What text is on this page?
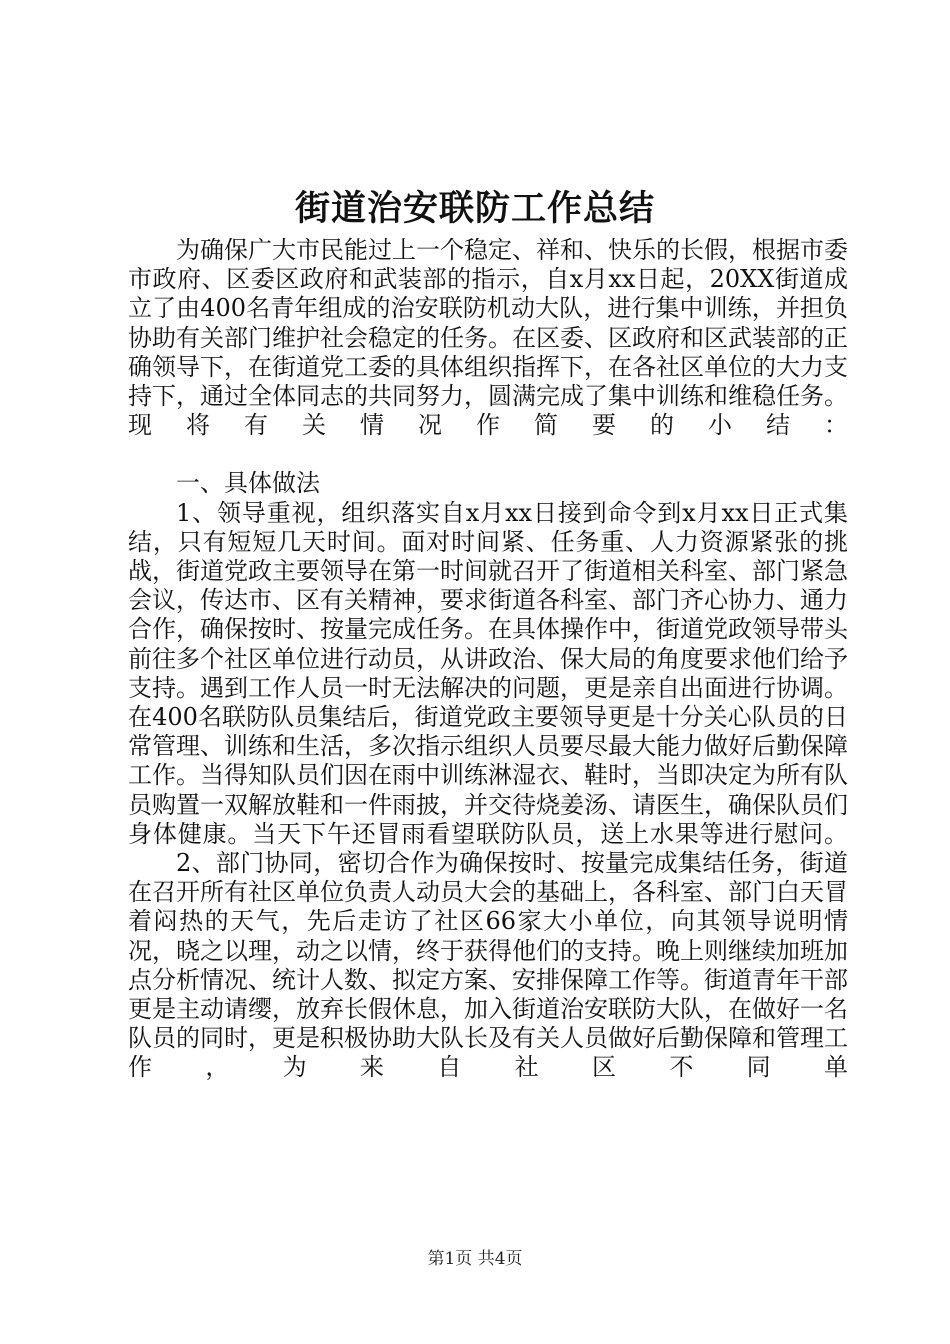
街道治安联防工作总结

为确保广大市民能过上一个稳定、祥和、快乐的长假，根据市委市政府、区委区政府和武装部的指示，自x月xx日起，20XX街道成立了由400名青年组成的治安联防机动大队，进行集中训练，并担负协助有关部门维护社会稳定的任务。在区委、区政府和区武装部的正确领导下，在街道党工委的具体组织指挥下，在各社区单位的大力支持下，通过全体同志的共同努力，圆满完成了集中训练和维稳任务。现将有关情况作简要的小结：

一、具体做法

1、领导重视，组织落实自x月xx日接到命令到x月xx日正式集结，只有短短几天时间。面对时间紧、任务重、人力资源紧张的挑战，街道党政主要领导在第一时间就召开了街道相关科室、部门紧急会议，传达市、区有关精神，要求街道各科室、部门齐心协力、通力合作，确保按时、按量完成任务。在具体操作中，街道党政领导带头前往多个社区单位进行动员，从讲政治、保大局的角度要求他们给予支持。遇到工作人员一时无法解决的问题，更是亲自出面进行协调。在400名联防队员集结后，街道党政主要领导更是十分关心队员的日常管理、训练和生活，多次指示组织人员要尽最大能力做好后勤保障工作。当得知队员们因在雨中训练淋湿衣、鞋时，当即决定为所有队员购置一双解放鞋和一件雨披，并交待烧姜汤、请医生，确保队员们身体健康。当天下午还冒雨看望联防队员，送上水果等进行慰问。

2、部门协同，密切合作为确保按时、按量完成集结任务，街道在召开所有社区单位负责人动员大会的基础上，各科室、部门白天冒着闷热的天气，先后走访了社区66家大小单位，向其领导说明情况，晓之以理，动之以情，终于获得他们的支持。晚上则继续加班加点分析情况、统计人数、拟定方案、安排保障工作等。街道青年干部更是主动请缨，放弃长假休息，加入街道治安联防大队，在做好一名队员的同时，更是积极协助大队长及有关人员做好后勤保障和管理工作，为来自社区不同单

第1页 共4页
